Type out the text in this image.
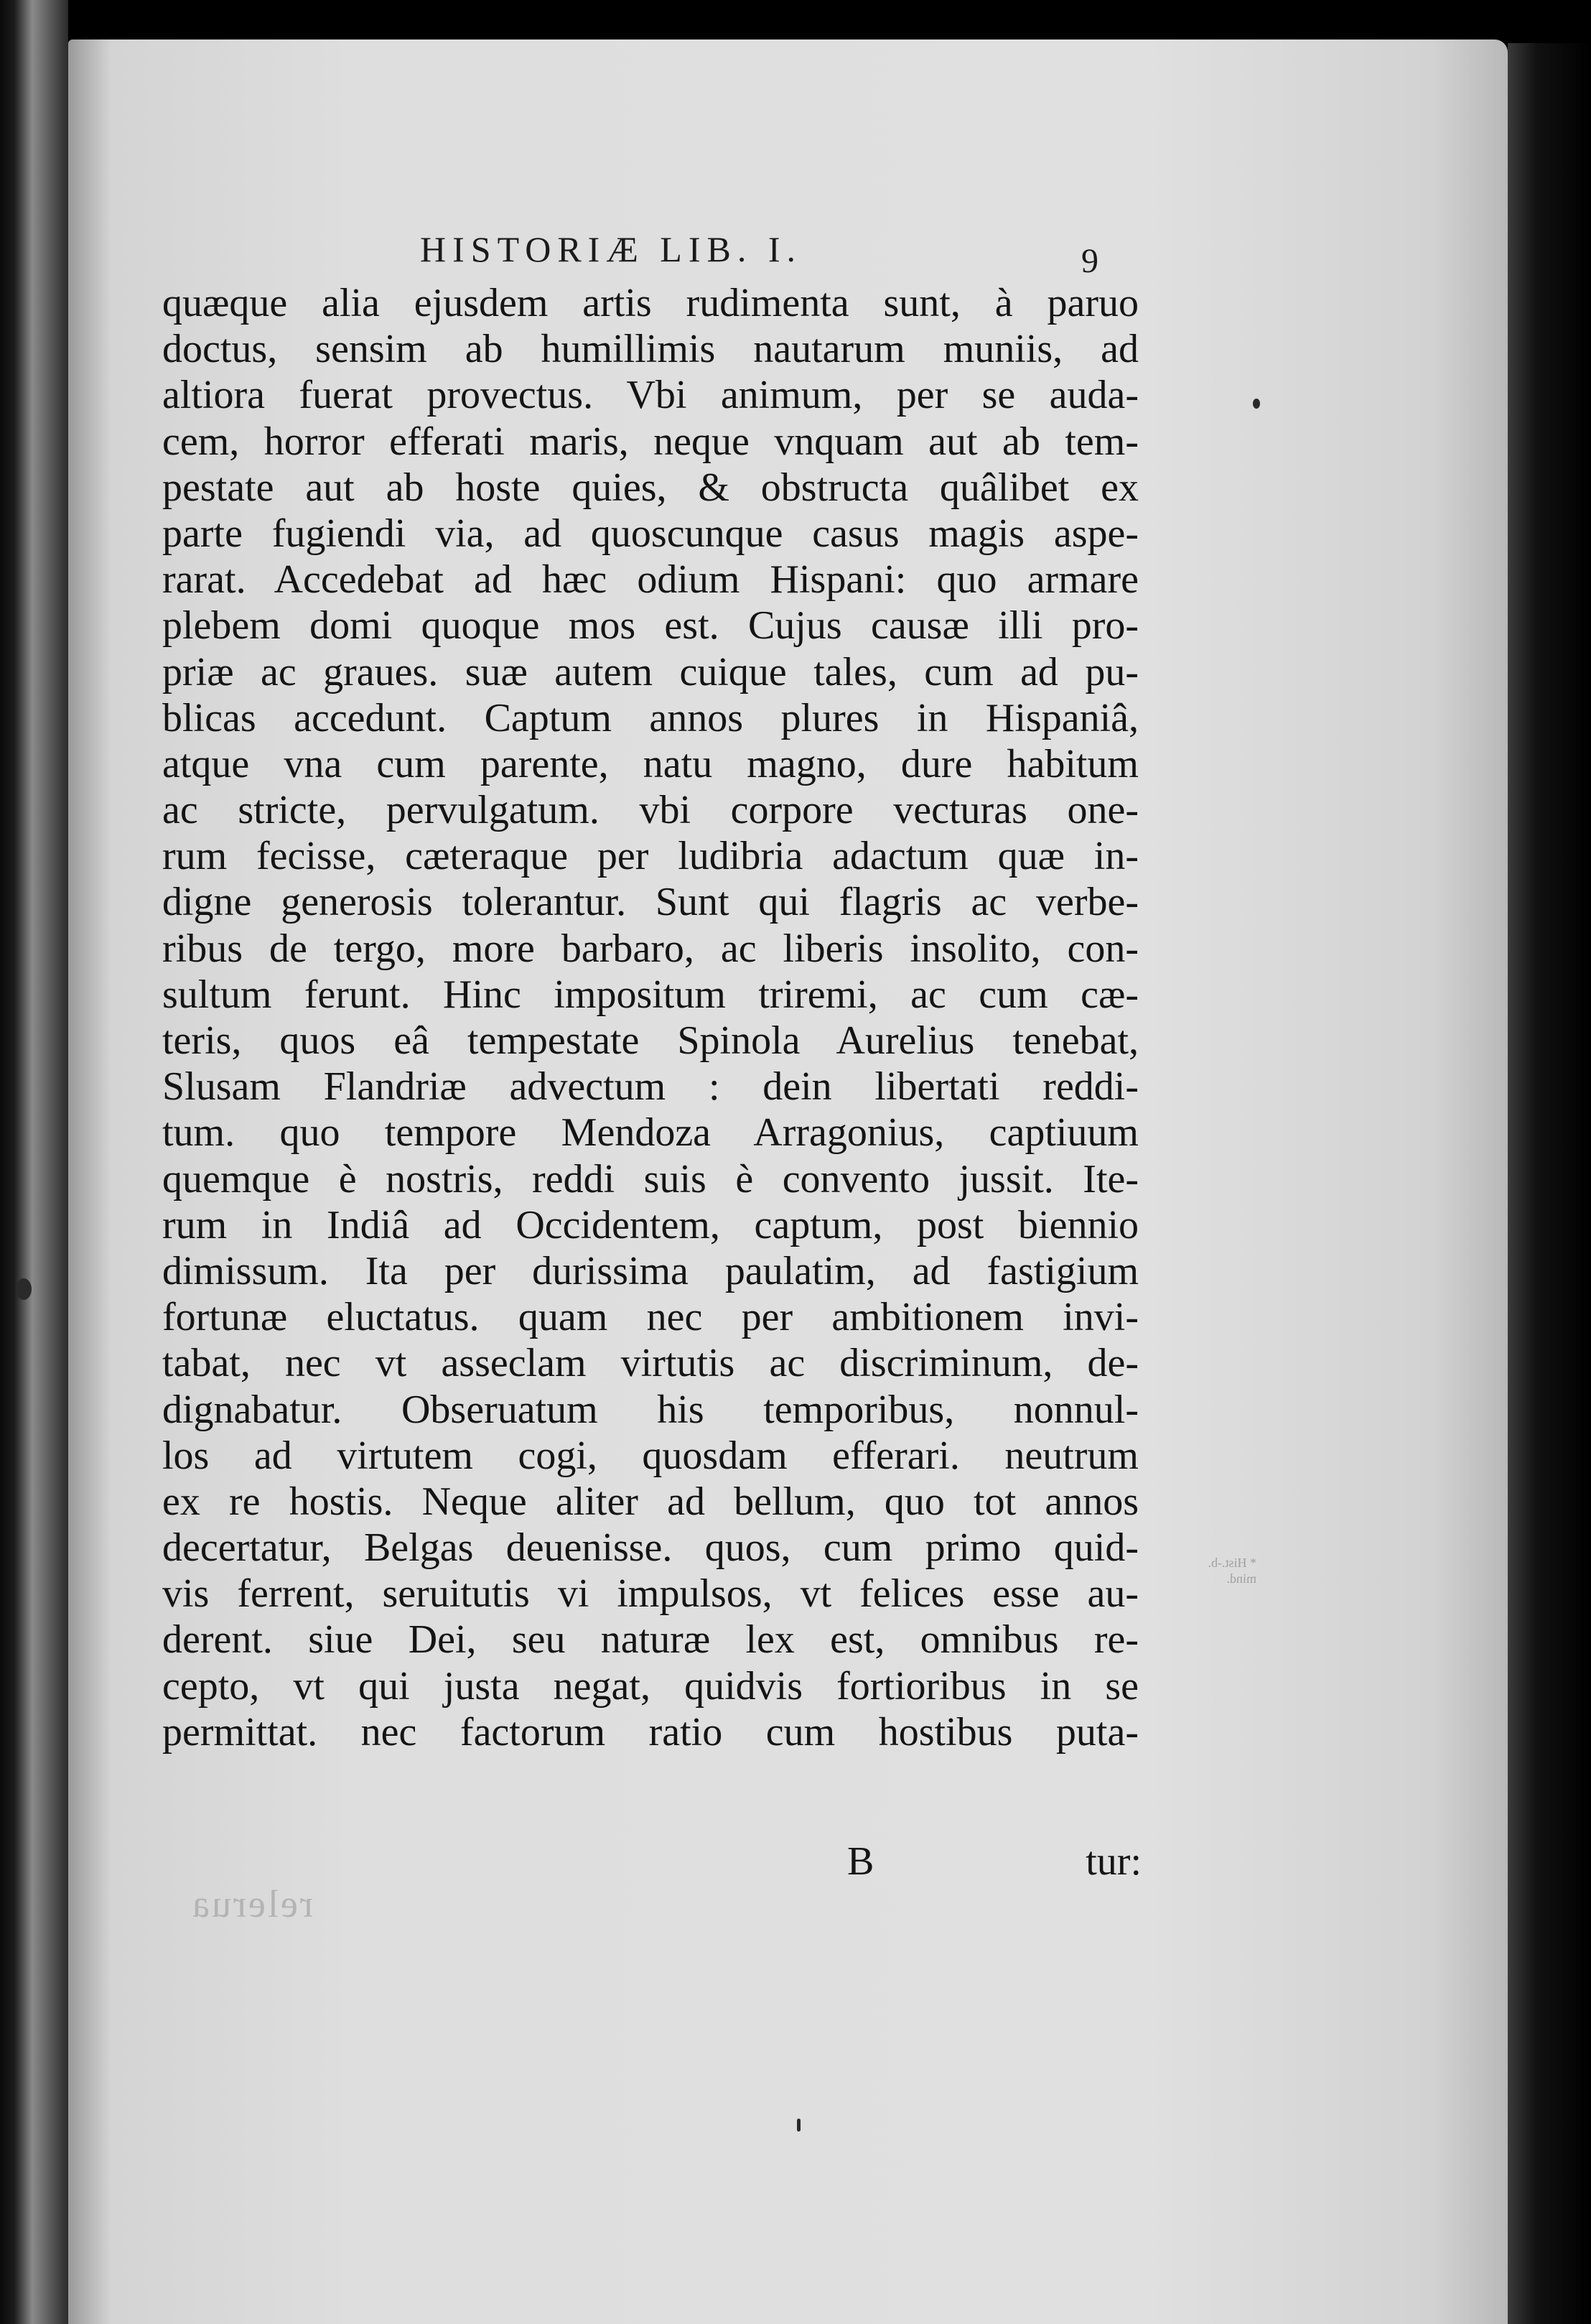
HISTORIÆ LIB. I.	9
quæque alia ejusdem artis rudimenta sunt, à paruo
doctus, sensim ab humillimis nautarum muniis, ad
altiora fuerat provectus. Vbi animum, per se auda-
cem, horror efferati maris, neque vnquam aut ab tem-
pestate aut ab hoste quies, & obstructa quâlibet ex
parte fugiendi via, ad quoscunque casus magis aspe-
rarat. Accedebat ad hæc odium Hispani: quo armare
plebem domi quoque mos est. Cujus causæ illi pro-
priæ ac graues. suæ autem cuique tales, cum ad pu-
blicas accedunt. Captum annos plures in Hispaniâ,
atque vna cum parente, natu magno, dure habitum
ac stricte, pervulgatum. vbi corpore vecturas one-
rum fecisse, cæteraque per ludibria adactum quæ in-
digne generosis tolerantur. Sunt qui flagris ac verbe-
ribus de tergo, more barbaro, ac liberis insolito, con-
sultum ferunt. Hinc impositum triremi, ac cum cæ-
teris, quos eâ tempestate Spinola Aurelius tenebat,
Slusam Flandriæ advectum : dein libertati reddi-
tum. quo tempore Mendoza Arragonius, captiuum
quemque è nostris, reddi suis è convento jussit. Ite-
rum in Indiâ ad Occidentem, captum, post biennio
dimissum. Ita per durissima paulatim, ad fastigium
fortunæ eluctatus. quam nec per ambitionem invi-
tabat, nec vt asseclam virtutis ac discriminum, de-
dignabatur. Obseruatum his temporibus, nonnul-
los ad virtutem cogi, quosdam efferari. neutrum
ex re hostis. Neque aliter ad bellum, quo tot annos
decertatur, Belgas deuenisse. quos, cum primo quid-
vis ferrent, seruitutis vi impulsos, vt felices esse au-
derent. siue Dei, seu naturæ lex est, omnibus re-
cepto, vt qui justa negat, quidvis fortioribus in se
permittat. nec factorum ratio cum hostibus puta-
B	tur:
relerua
* Hist.-b. mind.
